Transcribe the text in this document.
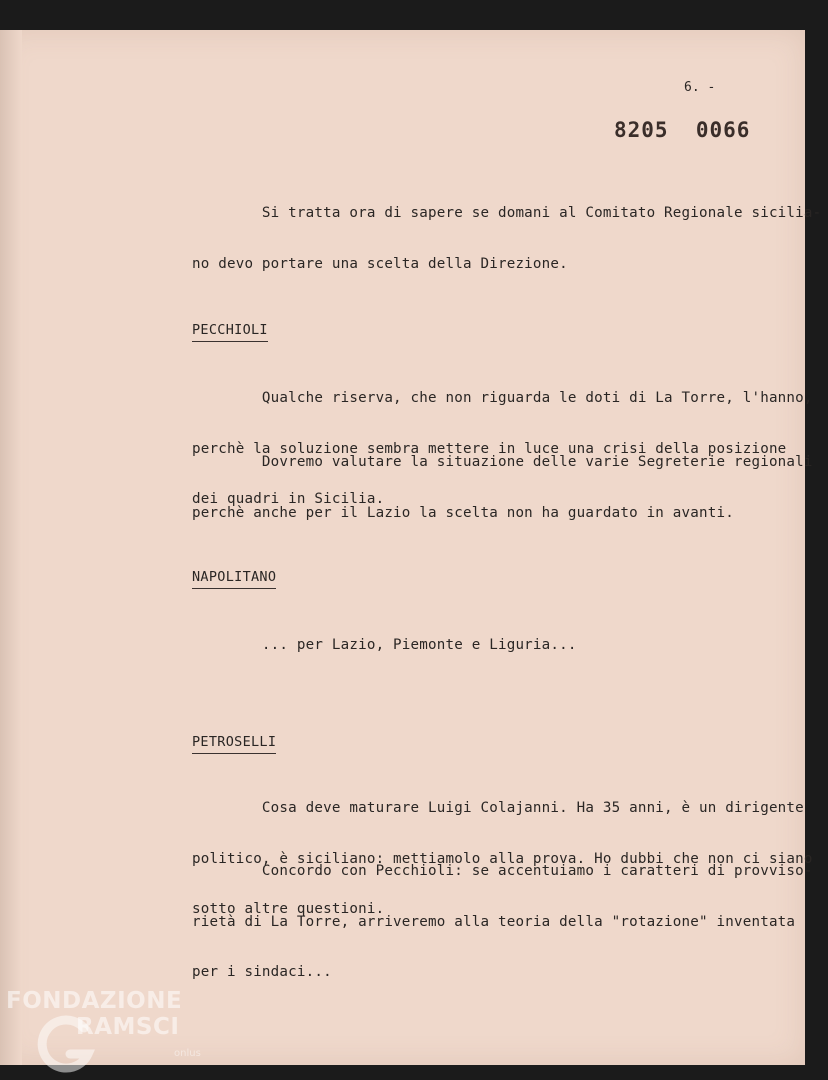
6. -
8205  0066

Si tratta ora di sapere se domani al Comitato Regionale sicilia-

no devo portare una scelta della Direzione.

PECCHIOLI

Qualche riserva, che non riguarda le doti di La Torre, l'hanno,

perchè la soluzione sembra mettere in luce una crisi della posizione

dei quadri in Sicilia.

Dovremo valutare la situazione delle varie Segreterie regionali

perchè anche per il Lazio la scelta non ha guardato in avanti.

NAPOLITANO

... per Lazio, Piemonte e Liguria...

PETROSELLI

Cosa deve maturare Luigi Colajanni. Ha 35 anni, è un dirigente

politico, è siciliano: mettiamolo alla prova. Ho dubbi che non ci siano

sotto altre questioni.

Concordo con Pecchioli: se accentuiamo i caratteri di provviso-

rietà di La Torre, arriveremo alla teoria della "rotazione" inventata

per i sindaci...

FONDAZIONE
RAMSCI
onlus
